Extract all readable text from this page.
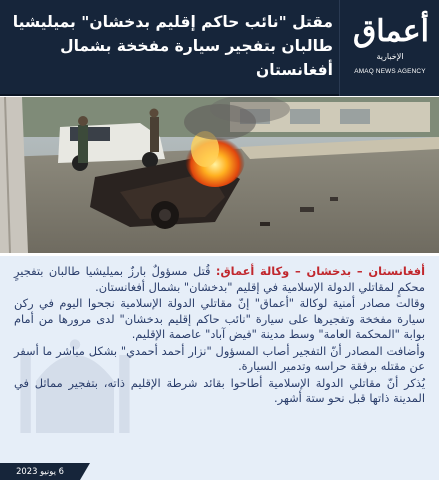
مقتل "نائب حاكم إقليم بدخشان" بميليشيا طالبان بتفجير سيارة مفخخة بشمال أفغانستان
أعماق
الإخبارية
AMAQ NEWS AGENCY

أفغانستان – بدخشان – وكالة أعماق: قُتل مسؤولٌ بارزٌ بميليشيا طالبان بتفجيرٍ محكمٍ لمقاتلي الدولة الإسلامية في إقليم "بدخشان" بشمال أفغانستان.

وقالت مصادر أمنية لوكالة "أعماق" إنّ مقاتلي الدولة الإسلامية نجحوا اليوم في ركن سيارة مفخخة وتفجيرها على سيارة "نائب حاكم إقليم بدخشان" لدى مرورها من أمام بوابة "المحكمة العامة" وسط مدينة "فيض آباد" عاصمة الإقليم.

وأضافت المصادر أنّ التفجير أصاب المسؤول "نزار أحمد أحمدي" بشكل مباشر ما أسفر عن مقتله برفقة حراسه وتدمير السيارة.

يُذكر أنّ مقاتلي الدولة الإسلامية أطاحوا بقائد شرطة الإقليم ذاته، بتفجير مماثل في المدينة ذاتها قبل نحو ستة أشهر.

6 يونيو 2023
